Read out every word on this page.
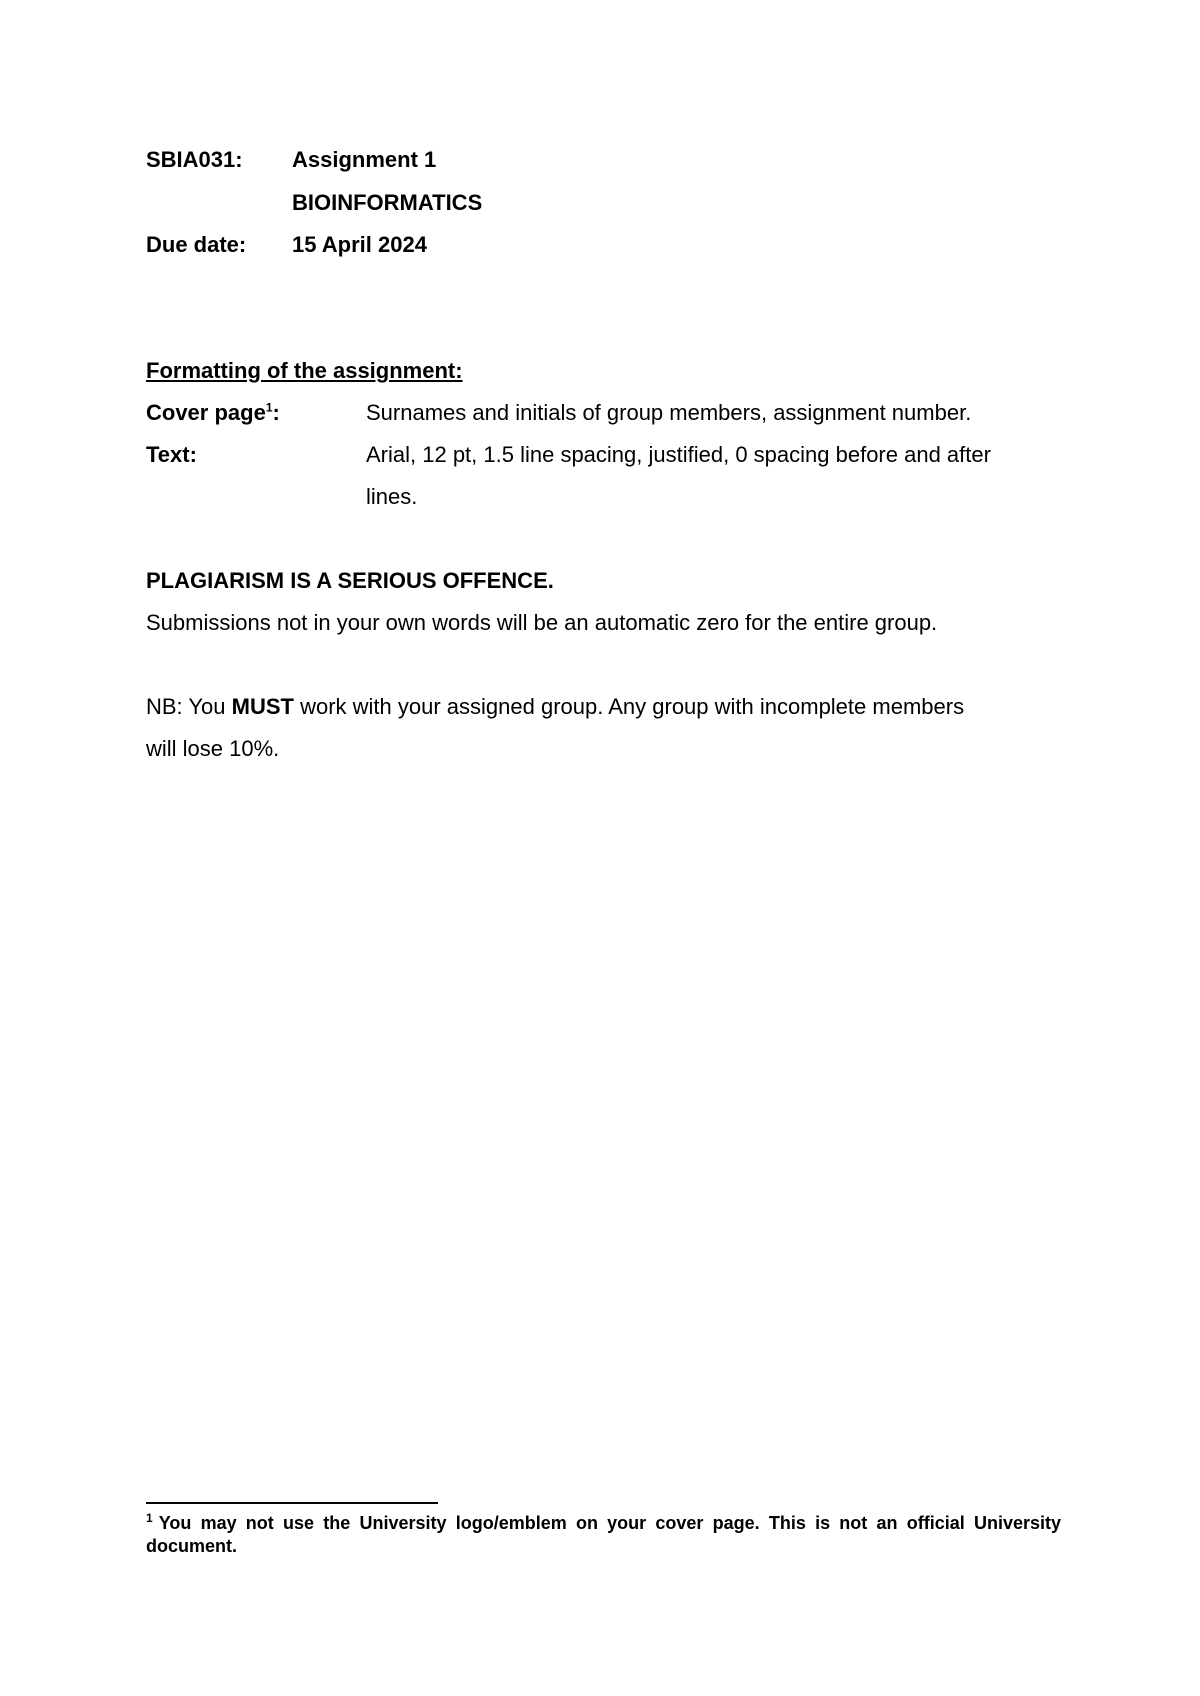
SBIA031: Assignment 1
BIOINFORMATICS
Due date: 15 April 2024
Formatting of the assignment:
Cover page$^1$:	Surnames and initials of group members, assignment number.
Text:	Arial, 12 pt, 1.5 line spacing, justified, 0 spacing before and after
lines.
PLAGIARISM IS A SERIOUS OFFENCE.
Submissions not in your own words will be an automatic zero for the entire group.
NB: You MUST work with your assigned group. Any group with incomplete members
will lose 10%.
$^1$ You may not use the University logo/emblem on your cover page. This is not an official University document.
